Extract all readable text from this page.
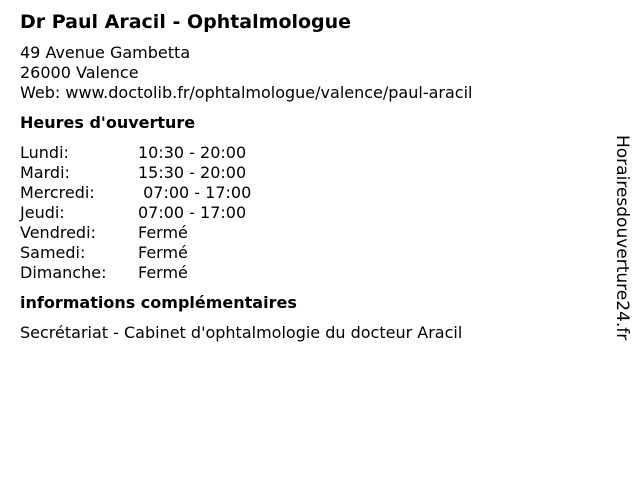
Dr Paul Aracil - Ophtalmologue
49 Avenue Gambetta
26000 Valence
Web: www.doctolib.fr/ophtalmologue/valence/paul-aracil
Heures d'ouverture
Lundi:	10:30 - 20:00
Mardi:	15:30 - 20:00
Mercredi:	07:00 - 17:00
Jeudi:	07:00 - 17:00
Vendredi:	Fermé
Samedi:	Fermé
Dimanche:	Fermé
informations complémentaires
Secrétariat - Cabinet d'ophtalmologie du docteur Aracil	Horairesdouverture24.fr
